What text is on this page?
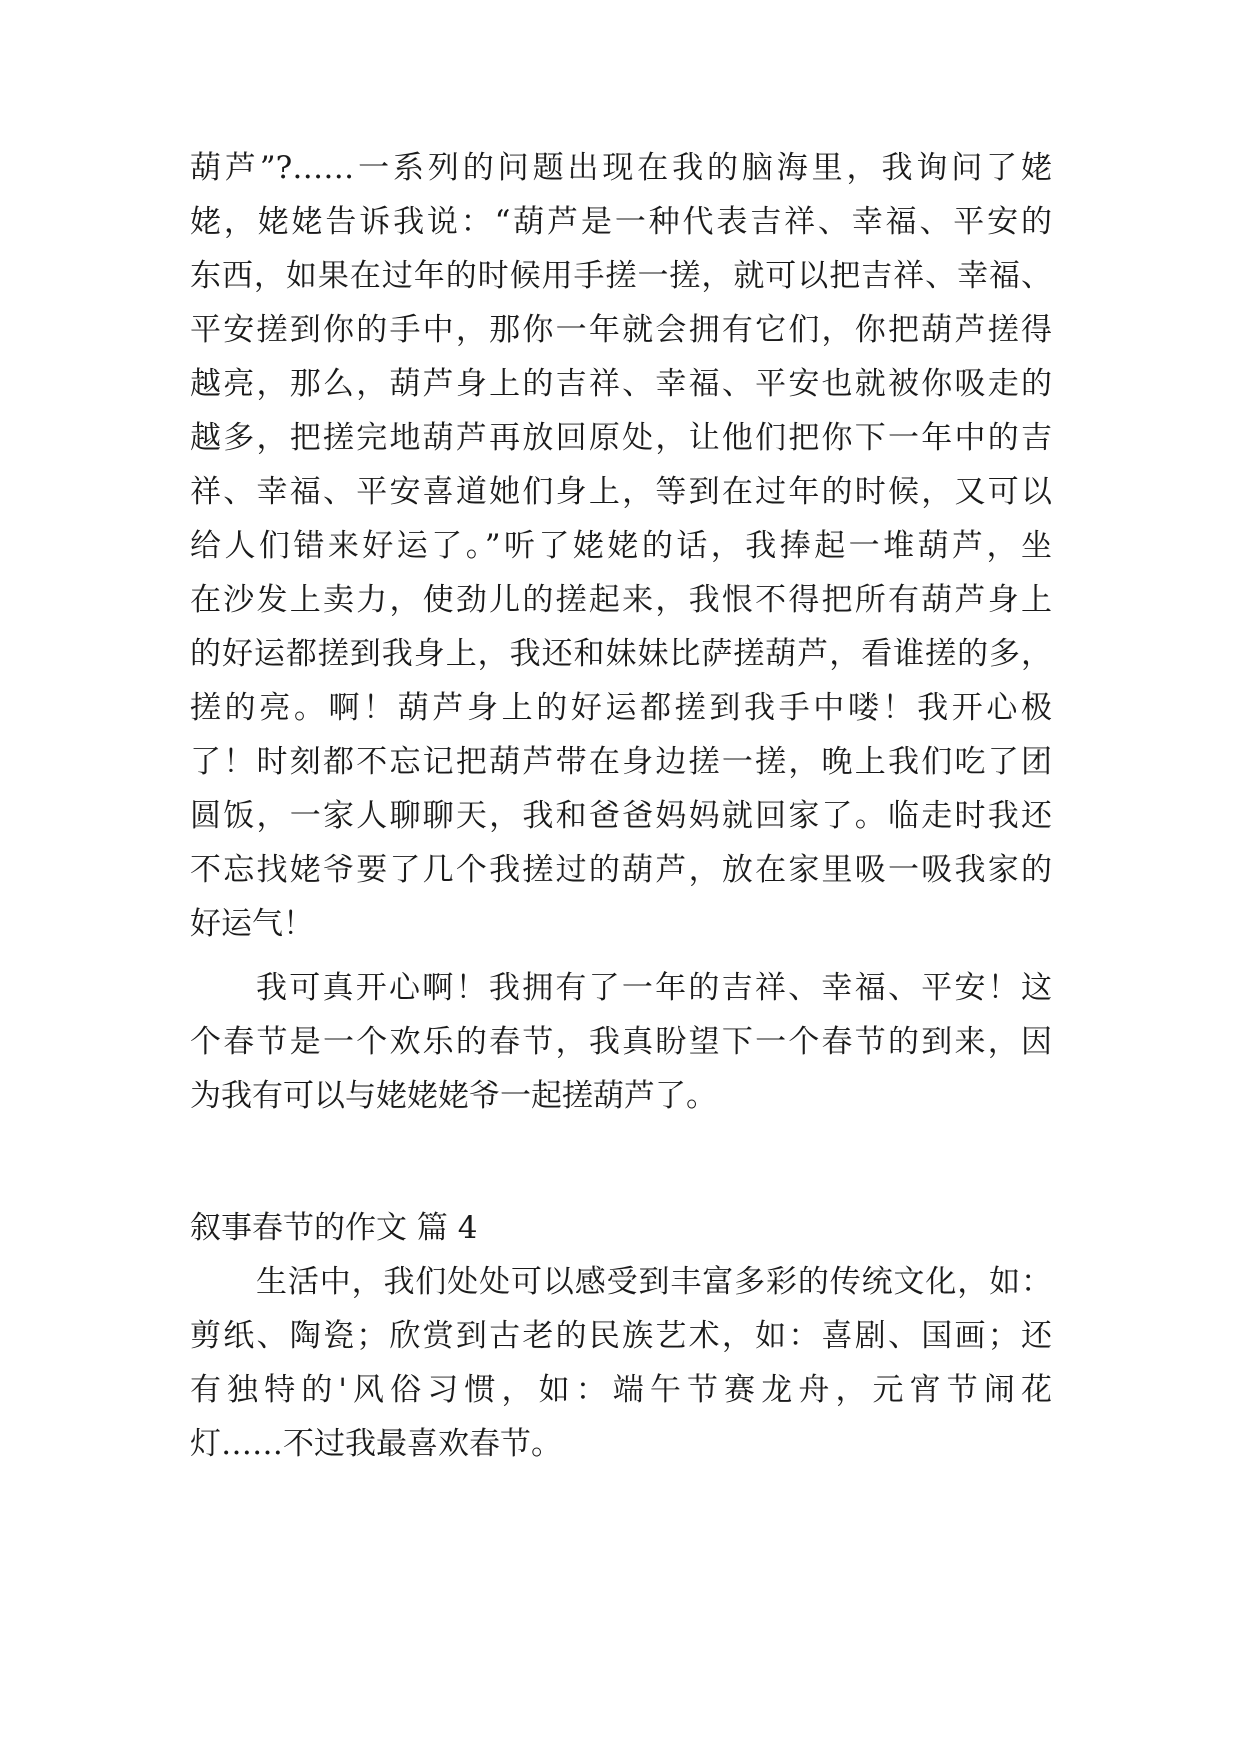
葫芦”?……一系列的问题出现在我的脑海里，我询问了姥
姥，姥姥告诉我说：“葫芦是一种代表吉祥、幸福、平安的
东西，如果在过年的时候用手搓一搓，就可以把吉祥、幸福、
平安搓到你的手中，那你一年就会拥有它们，你把葫芦搓得
越亮，那么，葫芦身上的吉祥、幸福、平安也就被你吸走的
越多，把搓完地葫芦再放回原处，让他们把你下一年中的吉
祥、幸福、平安喜道她们身上，等到在过年的时候，又可以
给人们错来好运了。”听了姥姥的话，我捧起一堆葫芦，坐
在沙发上卖力，使劲儿的搓起来，我恨不得把所有葫芦身上
的好运都搓到我身上，我还和妹妹比萨搓葫芦，看谁搓的多，
搓的亮。啊！葫芦身上的好运都搓到我手中喽！我开心极
了！时刻都不忘记把葫芦带在身边搓一搓，晚上我们吃了团
圆饭，一家人聊聊天，我和爸爸妈妈就回家了。临走时我还
不忘找姥爷要了几个我搓过的葫芦，放在家里吸一吸我家的
好运气！
我可真开心啊！我拥有了一年的吉祥、幸福、平安！这
个春节是一个欢乐的春节，我真盼望下一个春节的到来，因
为我有可以与姥姥姥爷一起搓葫芦了。
叙事春节的作文 篇 4
生活中，我们处处可以感受到丰富多彩的传统文化，如：
剪纸、陶瓷；欣赏到古老的民族艺术，如：喜剧、国画；还
有独特的'风俗习惯，如：端午节赛龙舟，元宵节闹花
灯……不过我最喜欢春节。
